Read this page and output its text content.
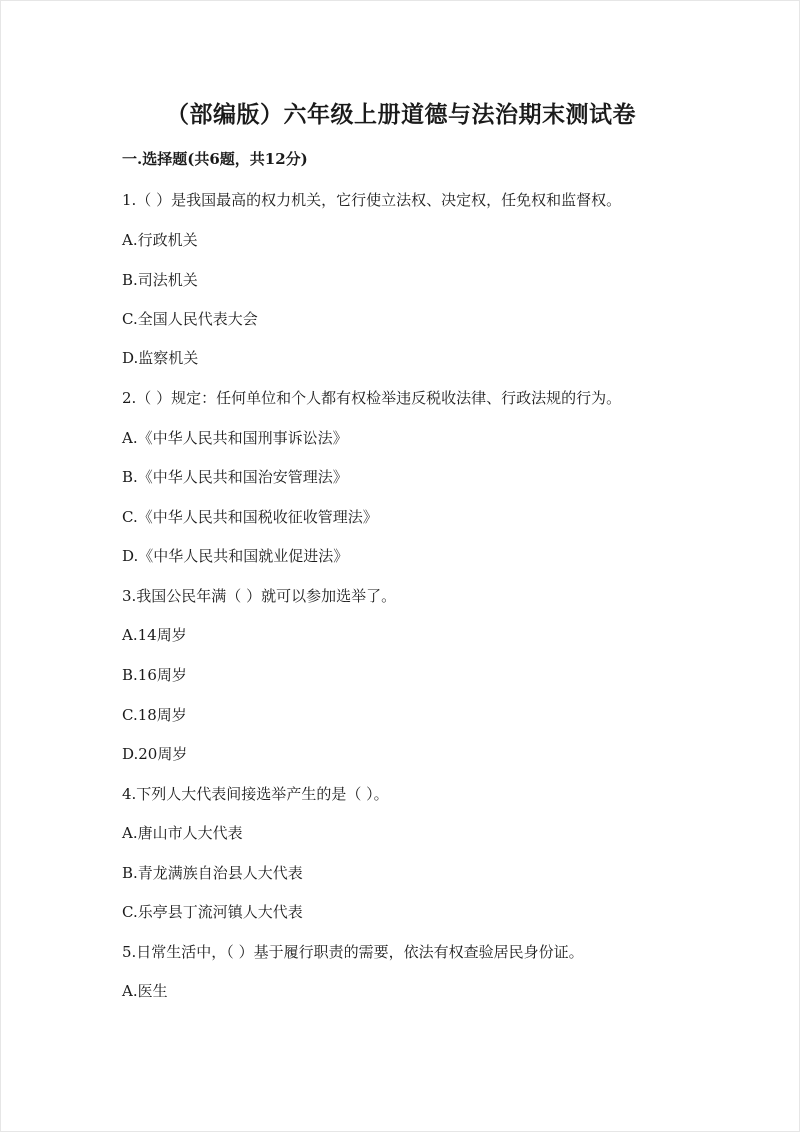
（部编版）六年级上册道德与法治期末测试卷
一.选择题(共6题，共12分)
1.（ ）是我国最高的权力机关，它行使立法权、决定权，任免权和监督权。
A.行政机关
B.司法机关
C.全国人民代表大会
D.监察机关
2.（ ）规定：任何单位和个人都有权检举违反税收法律、行政法规的行为。
A.《中华人民共和国刑事诉讼法》
B.《中华人民共和国治安管理法》
C.《中华人民共和国税收征收管理法》
D.《中华人民共和国就业促进法》
3.我国公民年满（ ）就可以参加选举了。
A.14周岁
B.16周岁
C.18周岁
D.20周岁
4.下列人大代表间接选举产生的是（ ）。
A.唐山市人大代表
B.青龙满族自治县人大代表
C.乐亭县丁流河镇人大代表
5.日常生活中，（ ）基于履行职责的需要，依法有权查验居民身份证。
A.医生
